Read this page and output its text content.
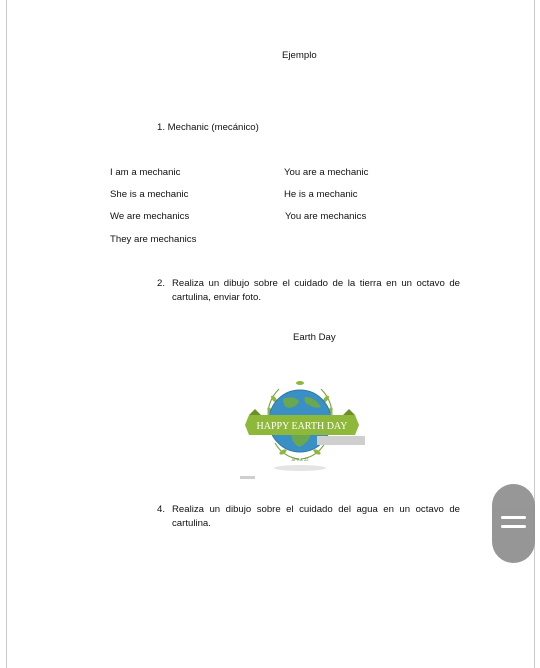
Ejemplo
1. Mechanic (mecánico)
I am a mechanic
She is a mechanic
We are mechanics
They are mechanics
You are a mechanic
He is a mechanic
You are mechanics
2. Realiza un dibujo sobre el cuidado de la tierra en un octavo de cartulina, enviar foto.
Earth Day
HAPPY EARTH DAY
APRIL 22
4. Realiza un dibujo sobre el cuidado del agua en un octavo de cartulina.
